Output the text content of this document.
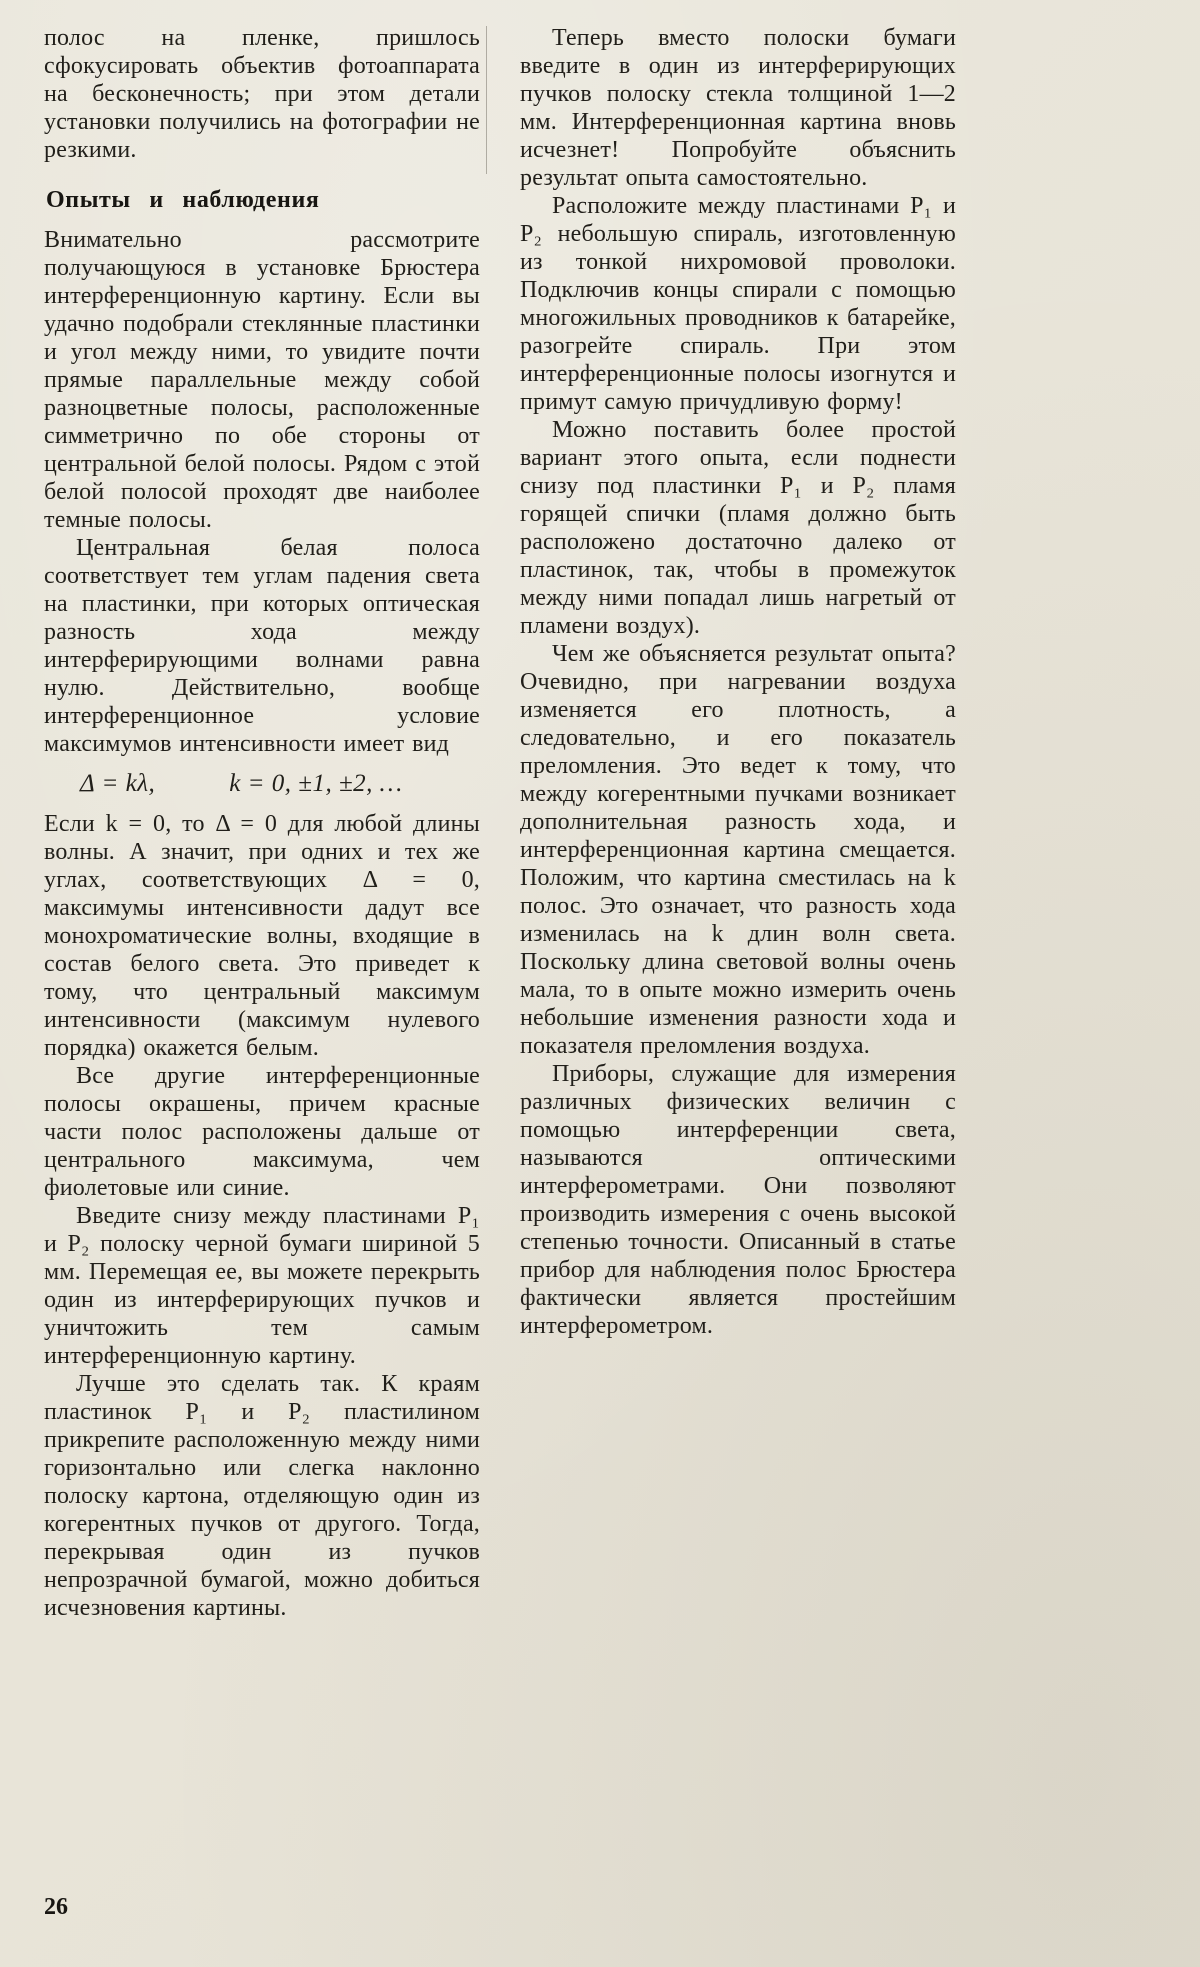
полос на пленке, пришлось сфокусировать объектив фотоаппарата на бесконечность; при этом детали установки получились на фотографии не резкими.

Опыты и наблюдения

Внимательно рассмотрите получающуюся в установке Брюстера интерференционную картину. Если вы удачно подобрали стеклянные пластинки и угол между ними, то увидите почти прямые параллельные между собой разноцветные полосы, расположенные симметрично по обе стороны от центральной белой полосы. Рядом с этой белой полосой проходят две наиболее темные полосы.

Центральная белая полоса соответствует тем углам падения света на пластинки, при которых оптическая разность хода между интерферирующими волнами равна нулю. Действительно, вообще интерференционное условие максимумов интенсивности имеет вид

Δ = kλ,	k = 0, ±1, ±2, …

Если k = 0, то Δ = 0 для любой длины волны. А значит, при одних и тех же углах, соответствующих Δ = 0, максимумы интенсивности дадут все монохроматические волны, входящие в состав белого света. Это приведет к тому, что центральный максимум интенсивности (максимум нулевого порядка) окажется белым.

Все другие интерференционные полосы окрашены, причем красные части полос расположены дальше от центрального максимума, чем фиолетовые или синие.

Введите снизу между пластинами P₁ и P₂ полоску черной бумаги шириной 5 мм. Перемещая ее, вы можете перекрыть один из интерферирующих пучков и уничтожить тем самым интерференционную картину.

Лучше это сделать так. К краям пластинок P₁ и P₂ пластилином прикрепите расположенную между ними горизонтально или слегка наклонно полоску картона, отделяющую один из когерентных пучков от другого. Тогда, перекрывая один из пучков непрозрачной бумагой, можно добиться исчезновения картины.

Теперь вместо полоски бумаги введите в один из интерферирующих пучков полоску стекла толщиной 1—2 мм. Интерференционная картина вновь исчезнет! Попробуйте объяснить результат опыта самостоятельно.

Расположите между пластинами P₁ и P₂ небольшую спираль, изготовленную из тонкой нихромовой проволоки. Подключив концы спирали с помощью многожильных проводников к батарейке, разогрейте спираль. При этом интерференционные полосы изогнутся и примут самую причудливую форму!

Можно поставить более простой вариант этого опыта, если поднести снизу под пластинки P₁ и P₂ пламя горящей спички (пламя должно быть расположено достаточно далеко от пластинок, так, чтобы в промежуток между ними попадал лишь нагретый от пламени воздух).

Чем же объясняется результат опыта? Очевидно, при нагревании воздуха изменяется его плотность, а следовательно, и его показатель преломления. Это ведет к тому, что между когерентными пучками возникает дополнительная разность хода, и интерференционная картина смещается. Положим, что картина сместилась на k полос. Это означает, что разность хода изменилась на k длин волн света. Поскольку длина световой волны очень мала, то в опыте можно измерить очень небольшие изменения разности хода и показателя преломления воздуха.

Приборы, служащие для измерения различных физических величин с помощью интерференции света, называются оптическими интерферометрами. Они позволяют производить измерения с очень высокой степенью точности. Описанный в статье прибор для наблюдения полос Брюстера фактически является простейшим интерферометром.

26
